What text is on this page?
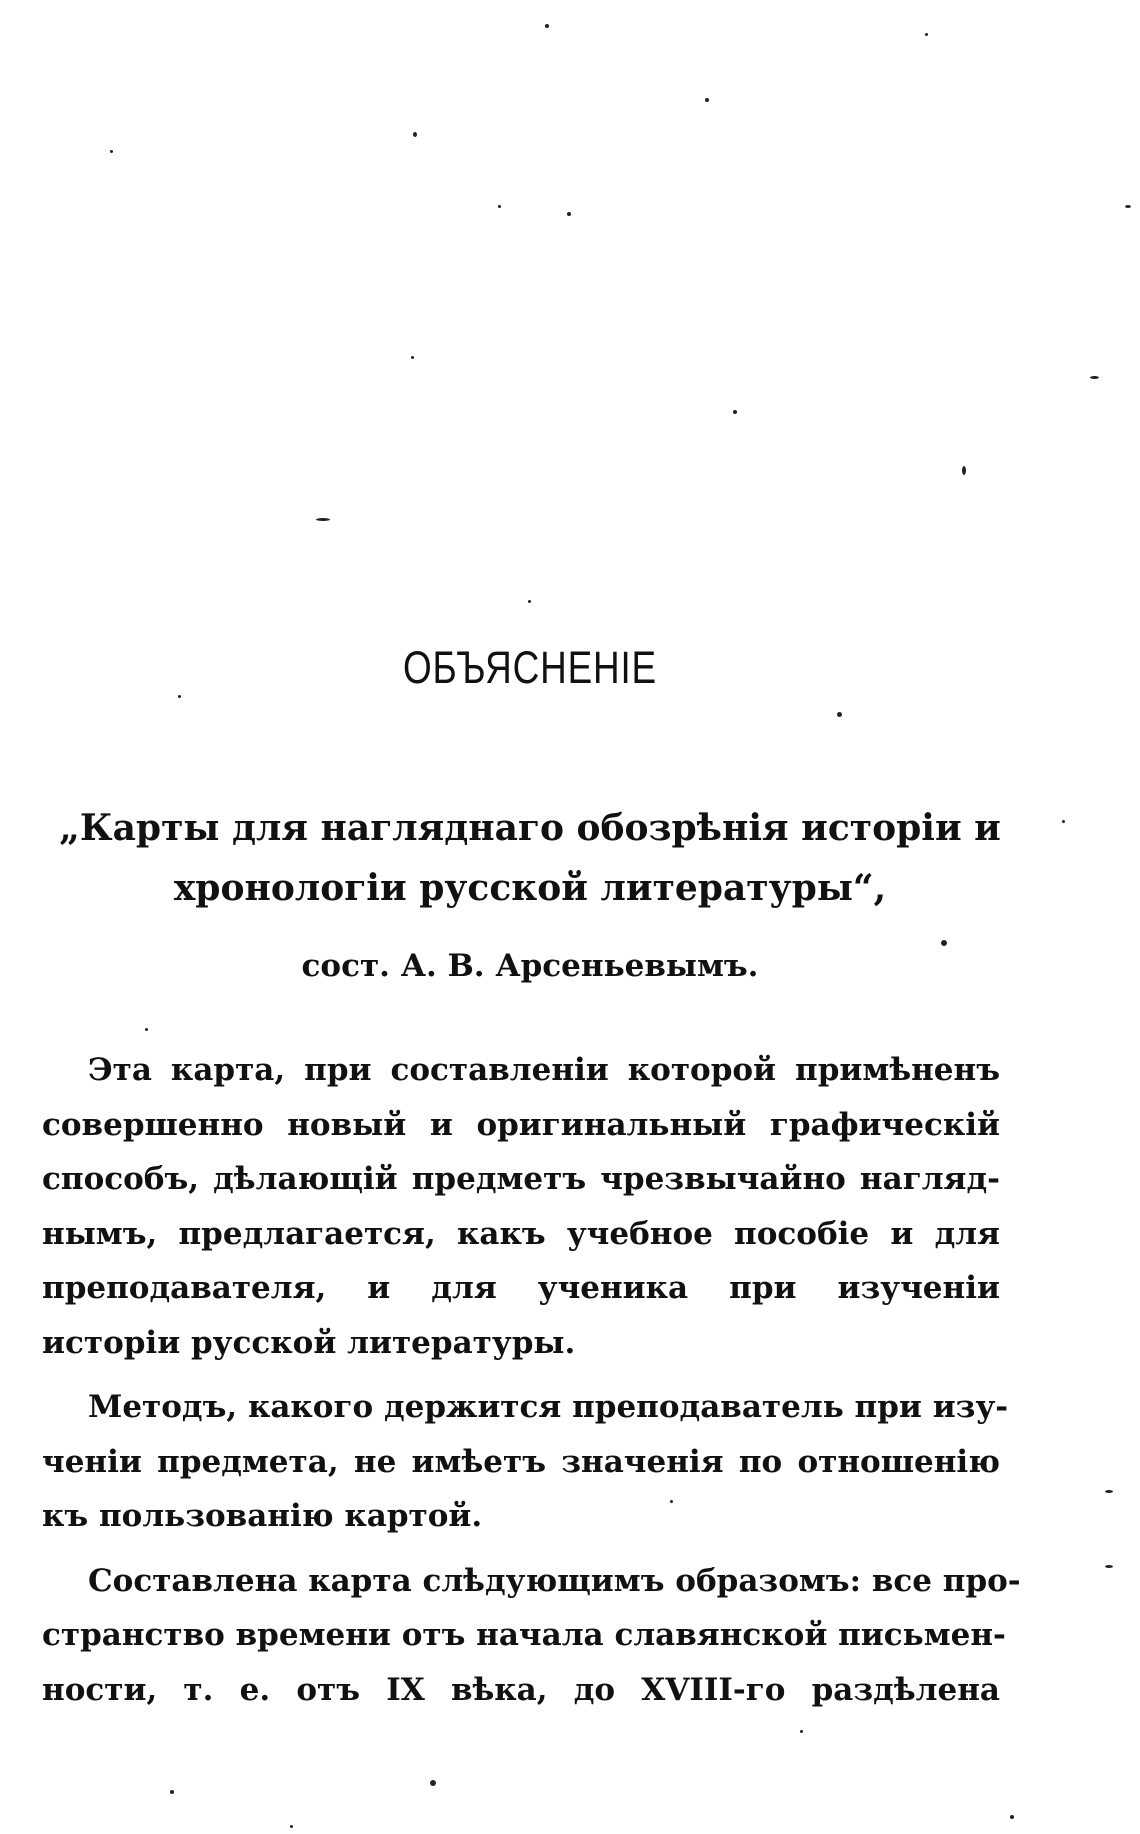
ОБЪЯСНЕНІЕ
„Карты для нагляднаго обозрѣнія исторіи и
хронологіи русской литературы“,

сост. А. В. Арсеньевымъ.

Эта карта, при составленіи которой примѣненъ
совершенно новый и оригинальный графическій
способъ, дѣлающій предметъ чрезвычайно нагляд-
нымъ, предлагается, какъ учебное пособіе и для
преподавателя, и для ученика при изученіи
исторіи русской литературы.

Методъ, какого держится преподаватель при изу-
ченіи предмета, не имѣетъ значенія по отношенію
къ пользованію картой.

Составлена карта слѣдующимъ образомъ: все про-
странство времени отъ начала славянской письмен-
ности, т. е. отъ IX вѣка, до XVIII-го раздѣлена
